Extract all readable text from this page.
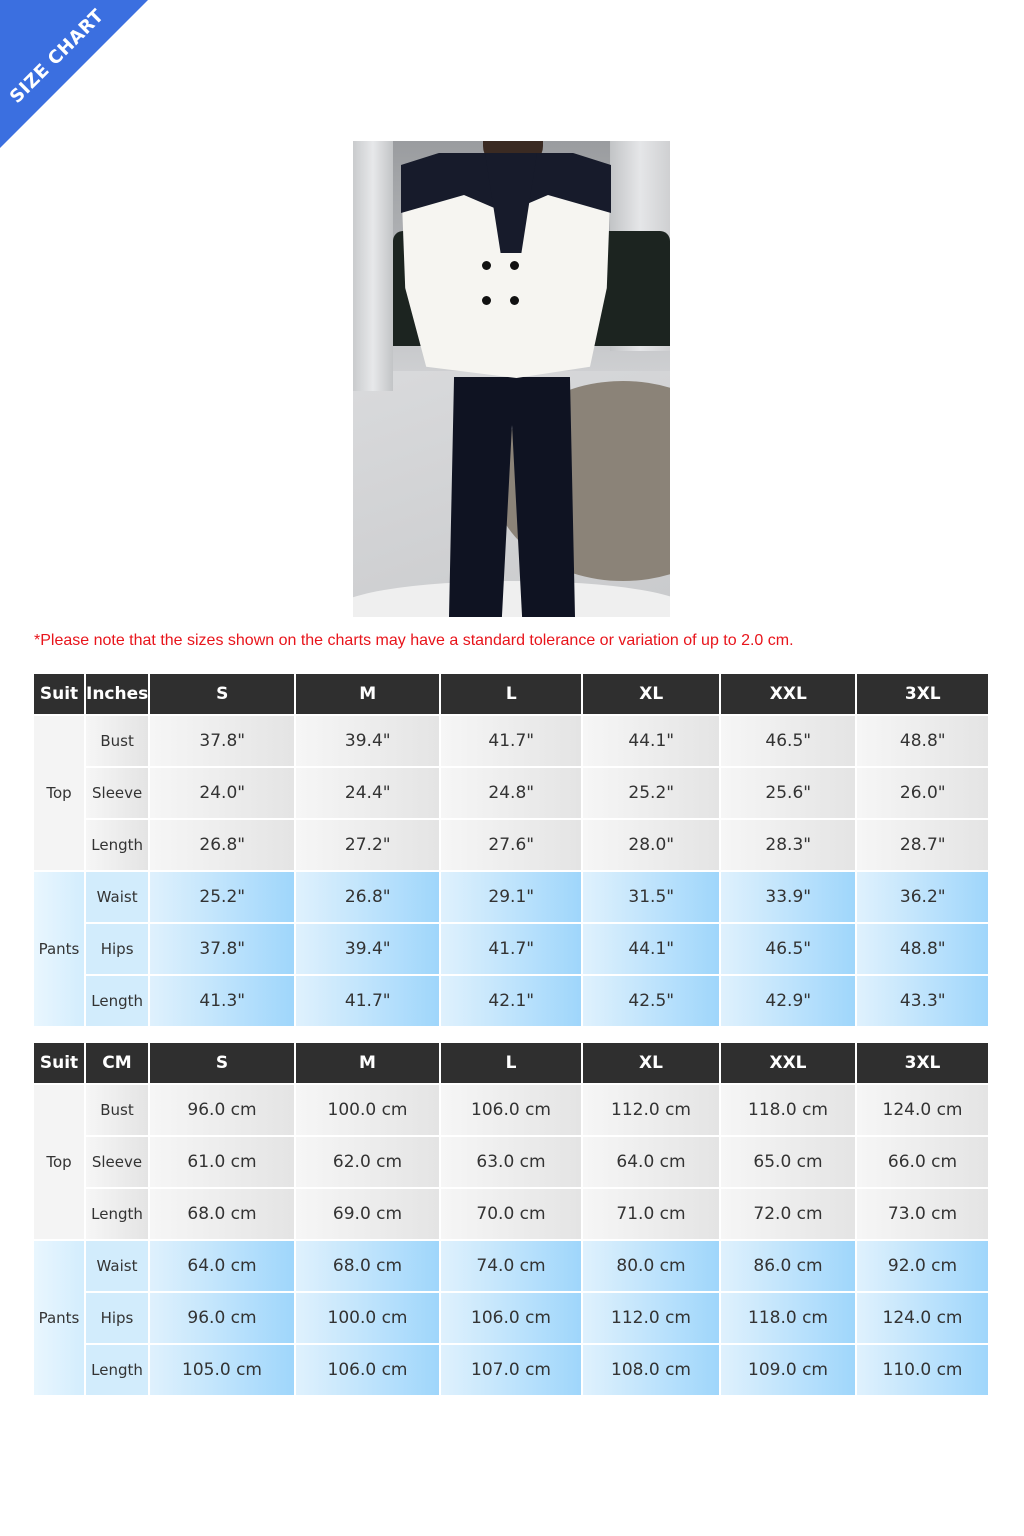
SIZE CHART
*Please note that the sizes shown on the charts may have a standard tolerance or variation of up to 2.0 cm.
Suit	Inches	S	M	L	XL	XXL	3XL
Top	Bust	37.8"	39.4"	41.7"	44.1"	46.5"	48.8"
	Sleeve	24.0"	24.4"	24.8"	25.2"	25.6"	26.0"
	Length	26.8"	27.2"	27.6"	28.0"	28.3"	28.7"
Pants	Waist	25.2"	26.8"	29.1"	31.5"	33.9"	36.2"
	Hips	37.8"	39.4"	41.7"	44.1"	46.5"	48.8"
	Length	41.3"	41.7"	42.1"	42.5"	42.9"	43.3"
Suit	CM	S	M	L	XL	XXL	3XL
Top	Bust	96.0 cm	100.0 cm	106.0 cm	112.0 cm	118.0 cm	124.0 cm
	Sleeve	61.0 cm	62.0 cm	63.0 cm	64.0 cm	65.0 cm	66.0 cm
	Length	68.0 cm	69.0 cm	70.0 cm	71.0 cm	72.0 cm	73.0 cm
Pants	Waist	64.0 cm	68.0 cm	74.0 cm	80.0 cm	86.0 cm	92.0 cm
	Hips	96.0 cm	100.0 cm	106.0 cm	112.0 cm	118.0 cm	124.0 cm
	Length	105.0 cm	106.0 cm	107.0 cm	108.0 cm	109.0 cm	110.0 cm
